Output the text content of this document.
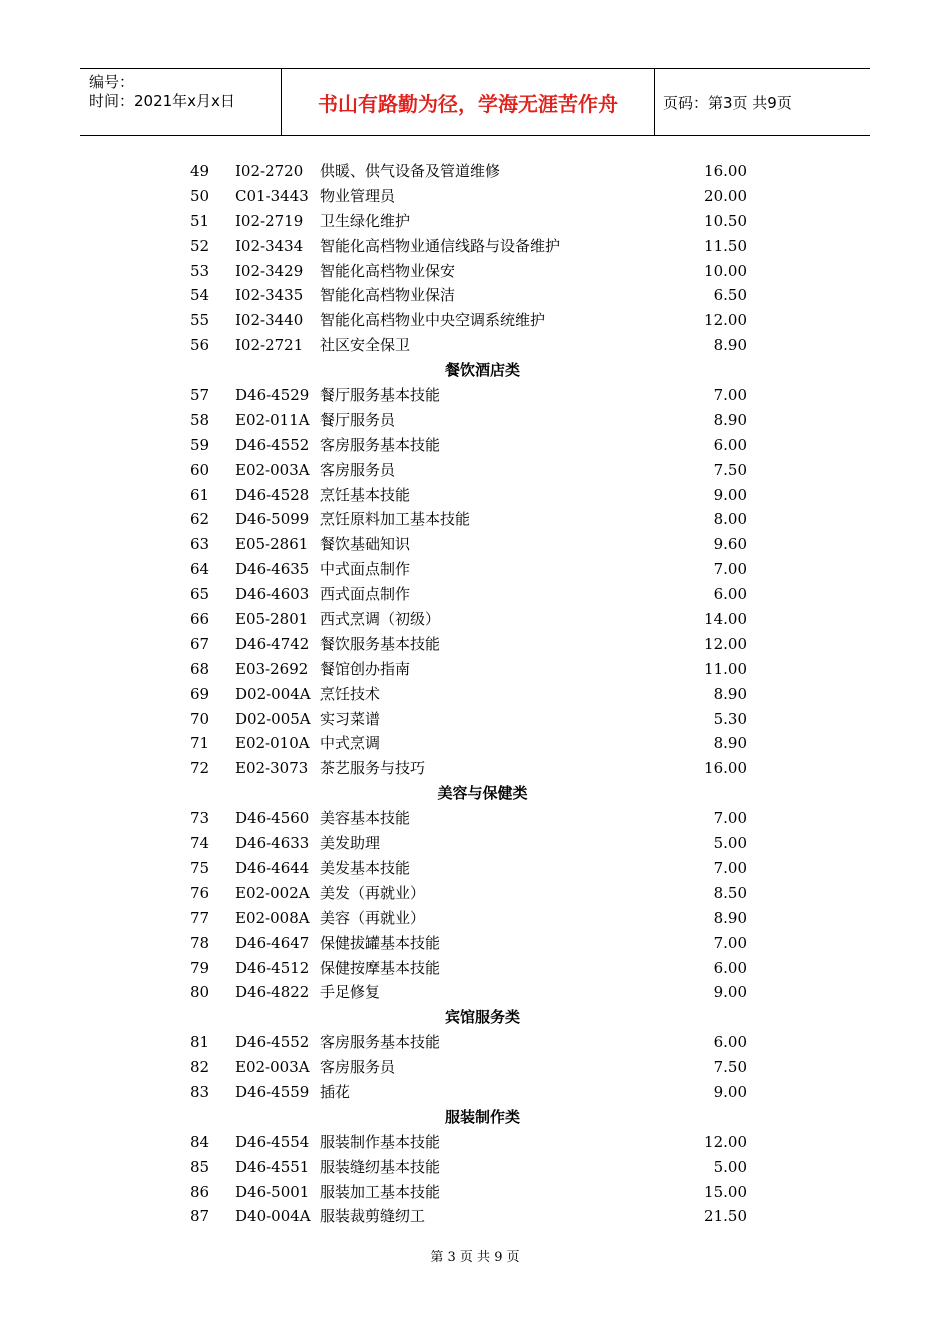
编号：
时间：2021年x月x日	书山有路勤为径，学海无涯苦作舟	页码：第3页 共9页
49	I02-2720 供暖、供气设备及管道维修	16.00
50	C01-3443 物业管理员	20.00
51	I02-2719 卫生绿化维护	10.50
52	I02-3434 智能化高档物业通信线路与设备维护	11.50
53	I02-3429 智能化高档物业保安	10.00
54	I02-3435 智能化高档物业保洁	6.50
55	I02-3440 智能化高档物业中央空调系统维护	12.00
56	I02-2721 社区安全保卫	8.90
餐饮酒店类
57	D46-4529 餐厅服务基本技能	7.00
58	E02-011A 餐厅服务员	8.90
59	D46-4552 客房服务基本技能	6.00
60	E02-003A 客房服务员	7.50
61	D46-4528 烹饪基本技能	9.00
62	D46-5099 烹饪原料加工基本技能	8.00
63	E05-2861 餐饮基础知识	9.60
64	D46-4635 中式面点制作	7.00
65	D46-4603 西式面点制作	6.00
66	E05-2801 西式烹调（初级）	14.00
67	D46-4742 餐饮服务基本技能	12.00
68	E03-2692 餐馆创办指南	11.00
69	D02-004A 烹饪技术	8.90
70	D02-005A 实习菜谱	5.30
71	E02-010A 中式烹调	8.90
72	E02-3073 茶艺服务与技巧	16.00
美容与保健类
73	D46-4560 美容基本技能	7.00
74	D46-4633 美发助理	5.00
75	D46-4644 美发基本技能	7.00
76	E02-002A 美发（再就业）	8.50
77	E02-008A 美容（再就业）	8.90
78	D46-4647 保健拔罐基本技能	7.00
79	D46-4512 保健按摩基本技能	6.00
80	D46-4822 手足修复	9.00
宾馆服务类
81	D46-4552 客房服务基本技能	6.00
82	E02-003A 客房服务员	7.50
83	D46-4559 插花	9.00
服装制作类
84	D46-4554 服装制作基本技能	12.00
85	D46-4551 服装缝纫基本技能	5.00
86	D46-5001 服装加工基本技能	15.00
87	D40-004A 服装裁剪缝纫工	21.50
第 3 页 共 9 页
